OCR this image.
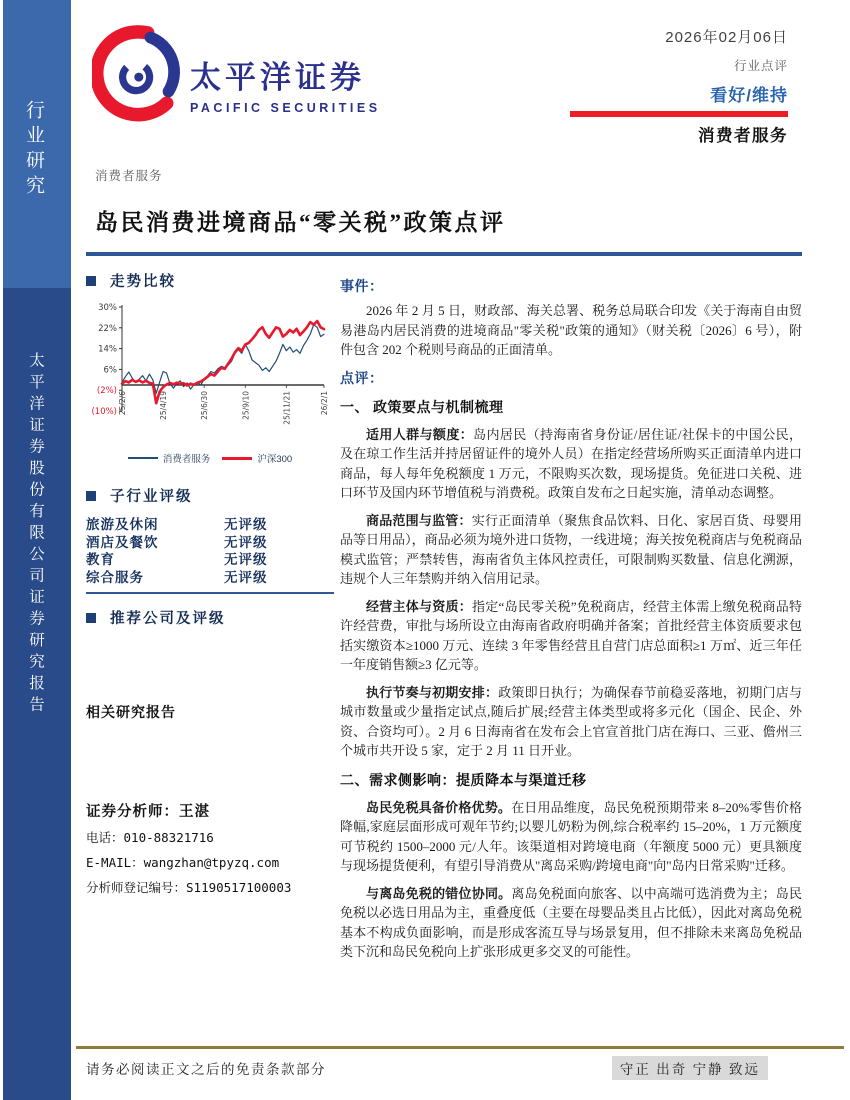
行业研究
太平洋证券股份有限公司证券研究报告
太平洋证券
PACIFIC SECURITIES
消费者服务
2026年02月06日
行业点评
看好/维持
消费者服务
岛民消费进境商品“零关税”政策点评
走势比较
30%
22%
14%
6%
(2%)
(10%) 25/2/6	25/4/19	25/6/30	25/9/10	25/11/21	26/2/1
消费者服务	沪深300
子行业评级
旅游及休闲	无评级
酒店及餐饮	无评级
教育	无评级
综合服务	无评级
推荐公司及评级
相关研究报告
证券分析师：王湛
电话：010-88321716
E-MAIL：wangzhan@tpyzq.com
分析师登记编号：S1190517100003
事件：
2026 年 2 月 5 日，财政部、海关总署、税务总局联合印发《关于海南自由贸易港岛内居民消费的进境商品"零关税"政策的通知》（财关税〔2026〕6 号），附件包含 202 个税则号商品的正面清单。
点评：
一、 政策要点与机制梳理
适用人群与额度：岛内居民（持海南省身份证/居住证/社保卡的中国公民，及在琼工作生活并持居留证件的境外人员）在指定经营场所购买正面清单内进口商品，每人每年免税额度 1 万元，不限购买次数，现场提货。免征进口关税、进口环节及国内环节增值税与消费税。政策自发布之日起实施，清单动态调整。
商品范围与监管：实行正面清单（聚焦食品饮料、日化、家居百货、母婴用品等日用品），商品必须为境外进口货物，一线进境；海关按免税商店与免税商品模式监管；严禁转售，海南省负主体风控责任，可限制购买数量、信息化溯源，违规个人三年禁购并纳入信用记录。
经营主体与资质：指定“岛民零关税”免税商店，经营主体需上缴免税商品特许经营费，审批与场所设立由海南省政府明确并备案；首批经营主体资质要求包括实缴资本≥1000 万元、连续 3 年零售经营且自营门店总面积≥1 万㎡、近三年任一年度销售额≥3 亿元等。
执行节奏与初期安排：政策即日执行；为确保春节前稳妥落地，初期门店与城市数量或少量指定试点,随后扩展;经营主体类型或将多元化（国企、民企、外资、合资均可）。2 月 6 日海南省在发布会上官宣首批门店在海口、三亚、儋州三个城市共开设 5 家，定于 2 月 11 日开业。
二、需求侧影响：提质降本与渠道迁移
岛民免税具备价格优势。在日用品维度，岛民免税预期带来 8–20%零售价格降幅,家庭层面形成可观年节约;以婴儿奶粉为例,综合税率约 15–20%，1 万元额度可节税约 1500–2000 元/人年。该渠道相对跨境电商（年额度 5000 元）更具额度与现场提货便利，有望引导消费从"离岛采购/跨境电商"向"岛内日常采购"迁移。
与离岛免税的错位协同。离岛免税面向旅客、以中高端可选消费为主；岛民免税以必选日用品为主，重叠度低（主要在母婴品类且占比低），因此对离岛免税基本不构成负面影响，而是形成客流互导与场景复用，但不排除未来离岛免税品类下沉和岛民免税向上扩张形成更多交叉的可能性。
请务必阅读正文之后的免责条款部分	守正 出奇 宁静 致远
